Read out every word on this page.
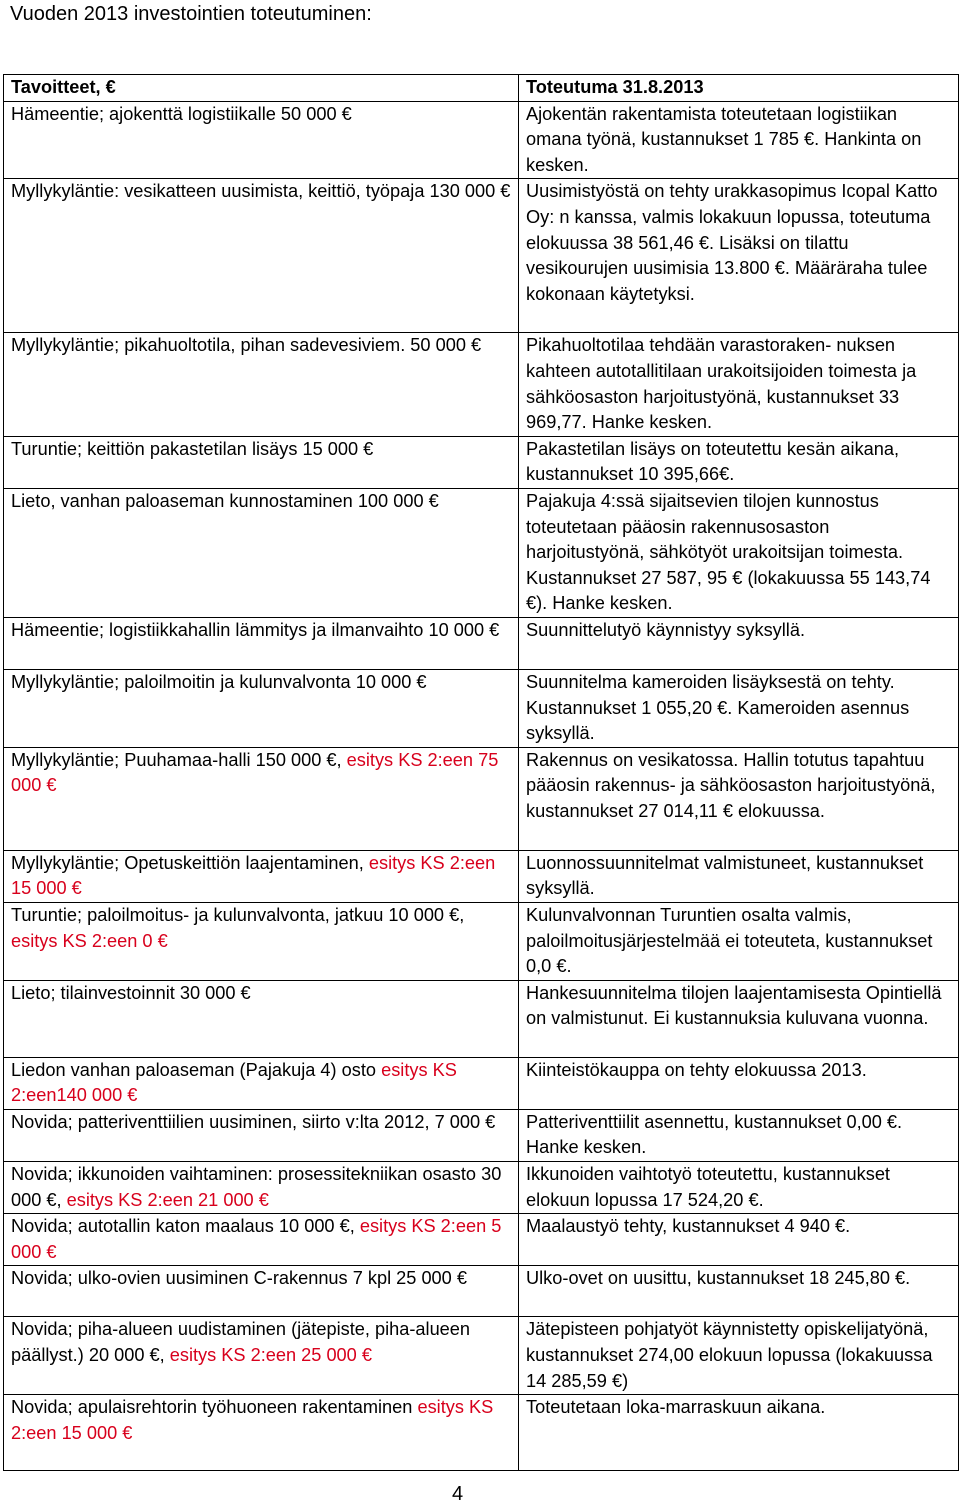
Vuoden 2013 investointien toteutuminen:
Tavoitteet, €	Toteutuma 31.8.2013
Hämeentie; ajokenttä logistiikalle 50 000 €	Ajokentän rakentamista toteutetaan logistiikan omana työnä, kustannukset 1 785 €. Hankinta on kesken.
Myllykyläntie: vesikatteen uusimista, keittiö, työpaja 130 000 €	Uusimistyöstä on tehty urakkasopimus Icopal Katto Oy: n kanssa, valmis lokakuun lopussa, toteutuma elokuussa 38 561,46 €. Lisäksi on tilattu vesikourujen uusimisia 13.800 €. Määräraha tulee kokonaan käytetyksi.
Myllykyläntie; pikahuoltotila, pihan sadevesiviem. 50 000 €	Pikahuoltotilaa tehdään varastoraken- nuksen kahteen autotallitilaan urakoitsijoiden toimesta ja sähköosaston harjoitustyönä, kustannukset 33 969,77. Hanke kesken.
Turuntie; keittiön pakastetilan lisäys 15 000 €	Pakastetilan lisäys on toteutettu kesän aikana, kustannukset 10 395,66€.
Lieto, vanhan paloaseman kunnostaminen 100 000 €	Pajakuja 4:ssä sijaitsevien tilojen kunnostus toteutetaan pääosin rakennusosaston harjoitustyönä, sähkötyöt urakoitsijan toimesta. Kustannukset 27 587, 95 € (lokakuussa 55 143,74 €). Hanke kesken.
Hämeentie; logistiikkahallin lämmitys ja ilmanvaihto 10 000 €	Suunnittelutyö käynnistyy syksyllä.
Myllykyläntie; paloilmoitin ja kulunvalvonta 10 000 €	Suunnitelma kameroiden lisäyksestä on tehty. Kustannukset 1 055,20 €. Kameroiden asennus syksyllä.
Myllykyläntie; Puuhamaa-halli 150 000 €, esitys KS 2:een 75 000 €	Rakennus on vesikatossa. Hallin totutus tapahtuu pääosin rakennus- ja sähköosaston harjoitustyönä, kustannukset 27 014,11 € elokuussa.
Myllykyläntie; Opetuskeittiön laajentaminen, esitys KS 2:een 15 000 €	Luonnossuunnitelmat valmistuneet, kustannukset syksyllä.
Turuntie; paloilmoitus- ja kulunvalvonta, jatkuu 10 000 €, esitys KS 2:een 0 €	Kulunvalvonnan Turuntien osalta valmis, paloilmoitusjärjestelmää ei toteuteta, kustannukset 0,0 €.
Lieto; tilainvestoinnit 30 000 €	Hankesuunnitelma tilojen laajentamisesta Opintiellä on valmistunut. Ei kustannuksia kuluvana vuonna.
Liedon vanhan paloaseman (Pajakuja 4) osto esitys KS 2:een140 000 €	Kiinteistökauppa on tehty elokuussa 2013.
Novida; patteriventtiilien uusiminen, siirto v:lta 2012, 7 000 €	Patteriventtiilit asennettu, kustannukset 0,00 €. Hanke kesken.
Novida; ikkunoiden vaihtaminen: prosessitekniikan osasto 30 000 €, esitys KS 2:een 21 000 €	Ikkunoiden vaihtotyö toteutettu, kustannukset elokuun lopussa 17 524,20 €.
Novida; autotallin katon maalaus 10 000 €, esitys KS 2:een 5 000 €	Maalaustyö tehty, kustannukset 4 940 €.
Novida; ulko-ovien uusiminen C-rakennus 7 kpl 25 000 €	Ulko-ovet on uusittu, kustannukset 18 245,80 €.
Novida; piha-alueen uudistaminen (jätepiste, piha-alueen päällyst.) 20 000 €, esitys KS 2:een 25 000 €	Jätepisteen pohjatyöt käynnistetty opiskelijatyönä, kustannukset 274,00 elokuun lopussa (lokakuussa 14 285,59 €)
Novida; apulaisrehtorin työhuoneen rakentaminen esitys KS 2:een 15 000 €	Toteutetaan loka-marraskuun aikana.
4
